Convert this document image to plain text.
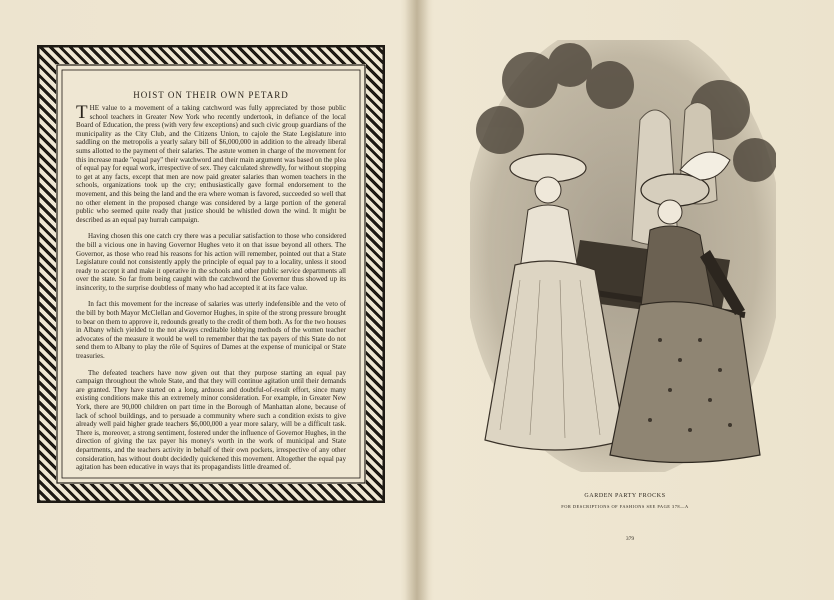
HOIST ON THEIR OWN PETARD

THE value to a movement of a taking catchword was fully appreciated by those public school teachers in Greater New York who recently undertook, in defiance of the local Board of Education, the press (with very few exceptions) and such civic group guardians of the municipality as the City Club, and the Citizens Union, to cajole the State Legislature into saddling on the metropolis a yearly salary bill of $6,000,000 in addition to the already liberal sums allotted to the payment of their salaries. The astute women in charge of the movement for this increase made "equal pay" their watchword and their main argument was based on the plea of equal pay for equal work, irrespective of sex. They calculated shrewdly, for without stopping to get at any facts, except that men are now paid greater salaries than women teachers in the schools, organizations took up the cry; enthusiastically gave formal endorsement to the movement, and this being the land and the era where woman is favored, succeeded so well that no other element in the proposed change was considered by a large portion of the general public who seemed quite ready that justice should be whistled down the wind. It might be described as an equal pay hurrah campaign.

Having chosen this one catch cry there was a peculiar satisfaction to those who considered the bill a vicious one in having Governor Hughes veto it on that issue beyond all others. The Governor, as those who read his reasons for his action will remember, pointed out that a State Legislature could not consistently apply the principle of equal pay to a locality, unless it stood ready to accept it and make it operative in the schools and other public service departments all over the state. So far from being caught with the catchword the Governor thus showed up its insincerity, to the surprise doubtless of many who had accepted it at its face value.

In fact this movement for the increase of salaries was utterly indefensible and the veto of the bill by both Mayor McClellan and Governor Hughes, in spite of the strong pressure brought to bear on them to approve it, redounds greatly to the credit of them both. As for the two houses in Albany which yielded to the not always creditable lobbying methods of the women teacher advocates of the measure it would be well to remember that the tax payers of this State do not send them to Albany to play the rôle of Squires of Dames at the expense of municipal or State treasuries.

The defeated teachers have now given out that they purpose starting an equal pay campaign throughout the whole State, and that they will continue agitation until their demands are granted. They have started on a long, arduous and doubtful-of-result effort, since many existing conditions make this an extremely minor consideration. For example, in Greater New York, there are 90,000 children on part time in the Borough of Manhattan alone, because of lack of school buildings, and to persuade a community where such a condition exists to give already well paid higher grade teachers $6,000,000 a year more salary, will be a difficult task. There is, moreover, a strong sentiment, fostered under the influence of Governor Hughes, in the direction of giving the tax payer his money's worth in the work of municipal and State departments, and the teachers activity in behalf of their own pockets, irrespective of any other consideration, has without doubt decidedly quickened this movement. Altogether the equal pay agitation has been educative in ways that its propagandists little dreamed of.

GARDEN PARTY FROCKS
FOR DESCRIPTIONS OF FASHIONS SEE PAGE 378—A
379
